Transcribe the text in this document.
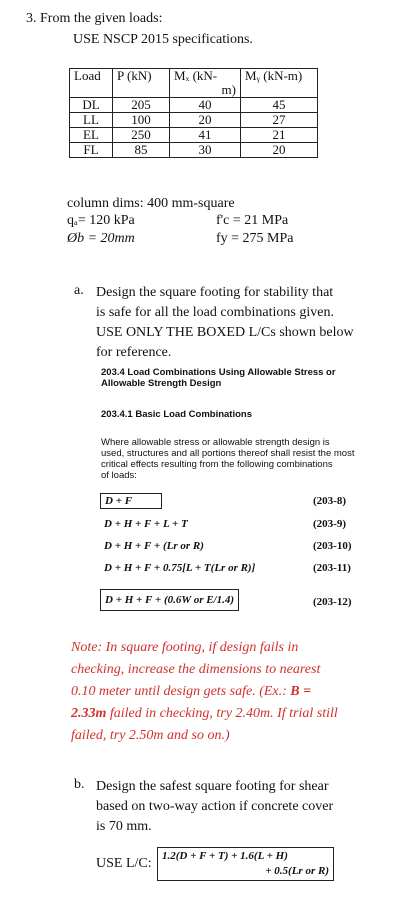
3. From the given loads:
USE NSCP 2015 specifications.
Load	P (kN)	Mₓ (kN-
m)	Mᵧ (kN-m)
DL	205	40	45
LL	100	20	27
EL	250	41	21
FL	85	30	20
column dims: 400 mm-square
qₐ= 120 kPa	f'c = 21 MPa
Øb = 20mm	fy = 275 MPa
a. Design the square footing for stability that
is safe for all the load combinations given.
USE ONLY THE BOXED L/Cs shown below
for reference.
203.4 Load Combinations Using Allowable Stress or
Allowable Strength Design
203.4.1 Basic Load Combinations
Where allowable stress or allowable strength design is
used, structures and all portions thereof shall resist the most
critical effects resulting from the following combinations
of loads:
D + F	(203-8)
D + H + F + L + T	(203-9)
D + H + F + (Lr or R)	(203-10)
D + H + F + 0.75[L + T(Lr or R)]	(203-11)
D + H + F + (0.6W or E/1.4)	(203-12)
Note: In square footing, if design fails in
checking, increase the dimensions to nearest
0.10 meter until design gets safe. (Ex.: B =
2.33m failed in checking, try 2.40m. If trial still
failed, try 2.50m and so on.)
b. Design the safest square footing for shear
based on two-way action if concrete cover
is 70 mm.
USE L/C: 1.2(D + F + T) + 1.6(L + H)
+ 0.5(Lr or R)
